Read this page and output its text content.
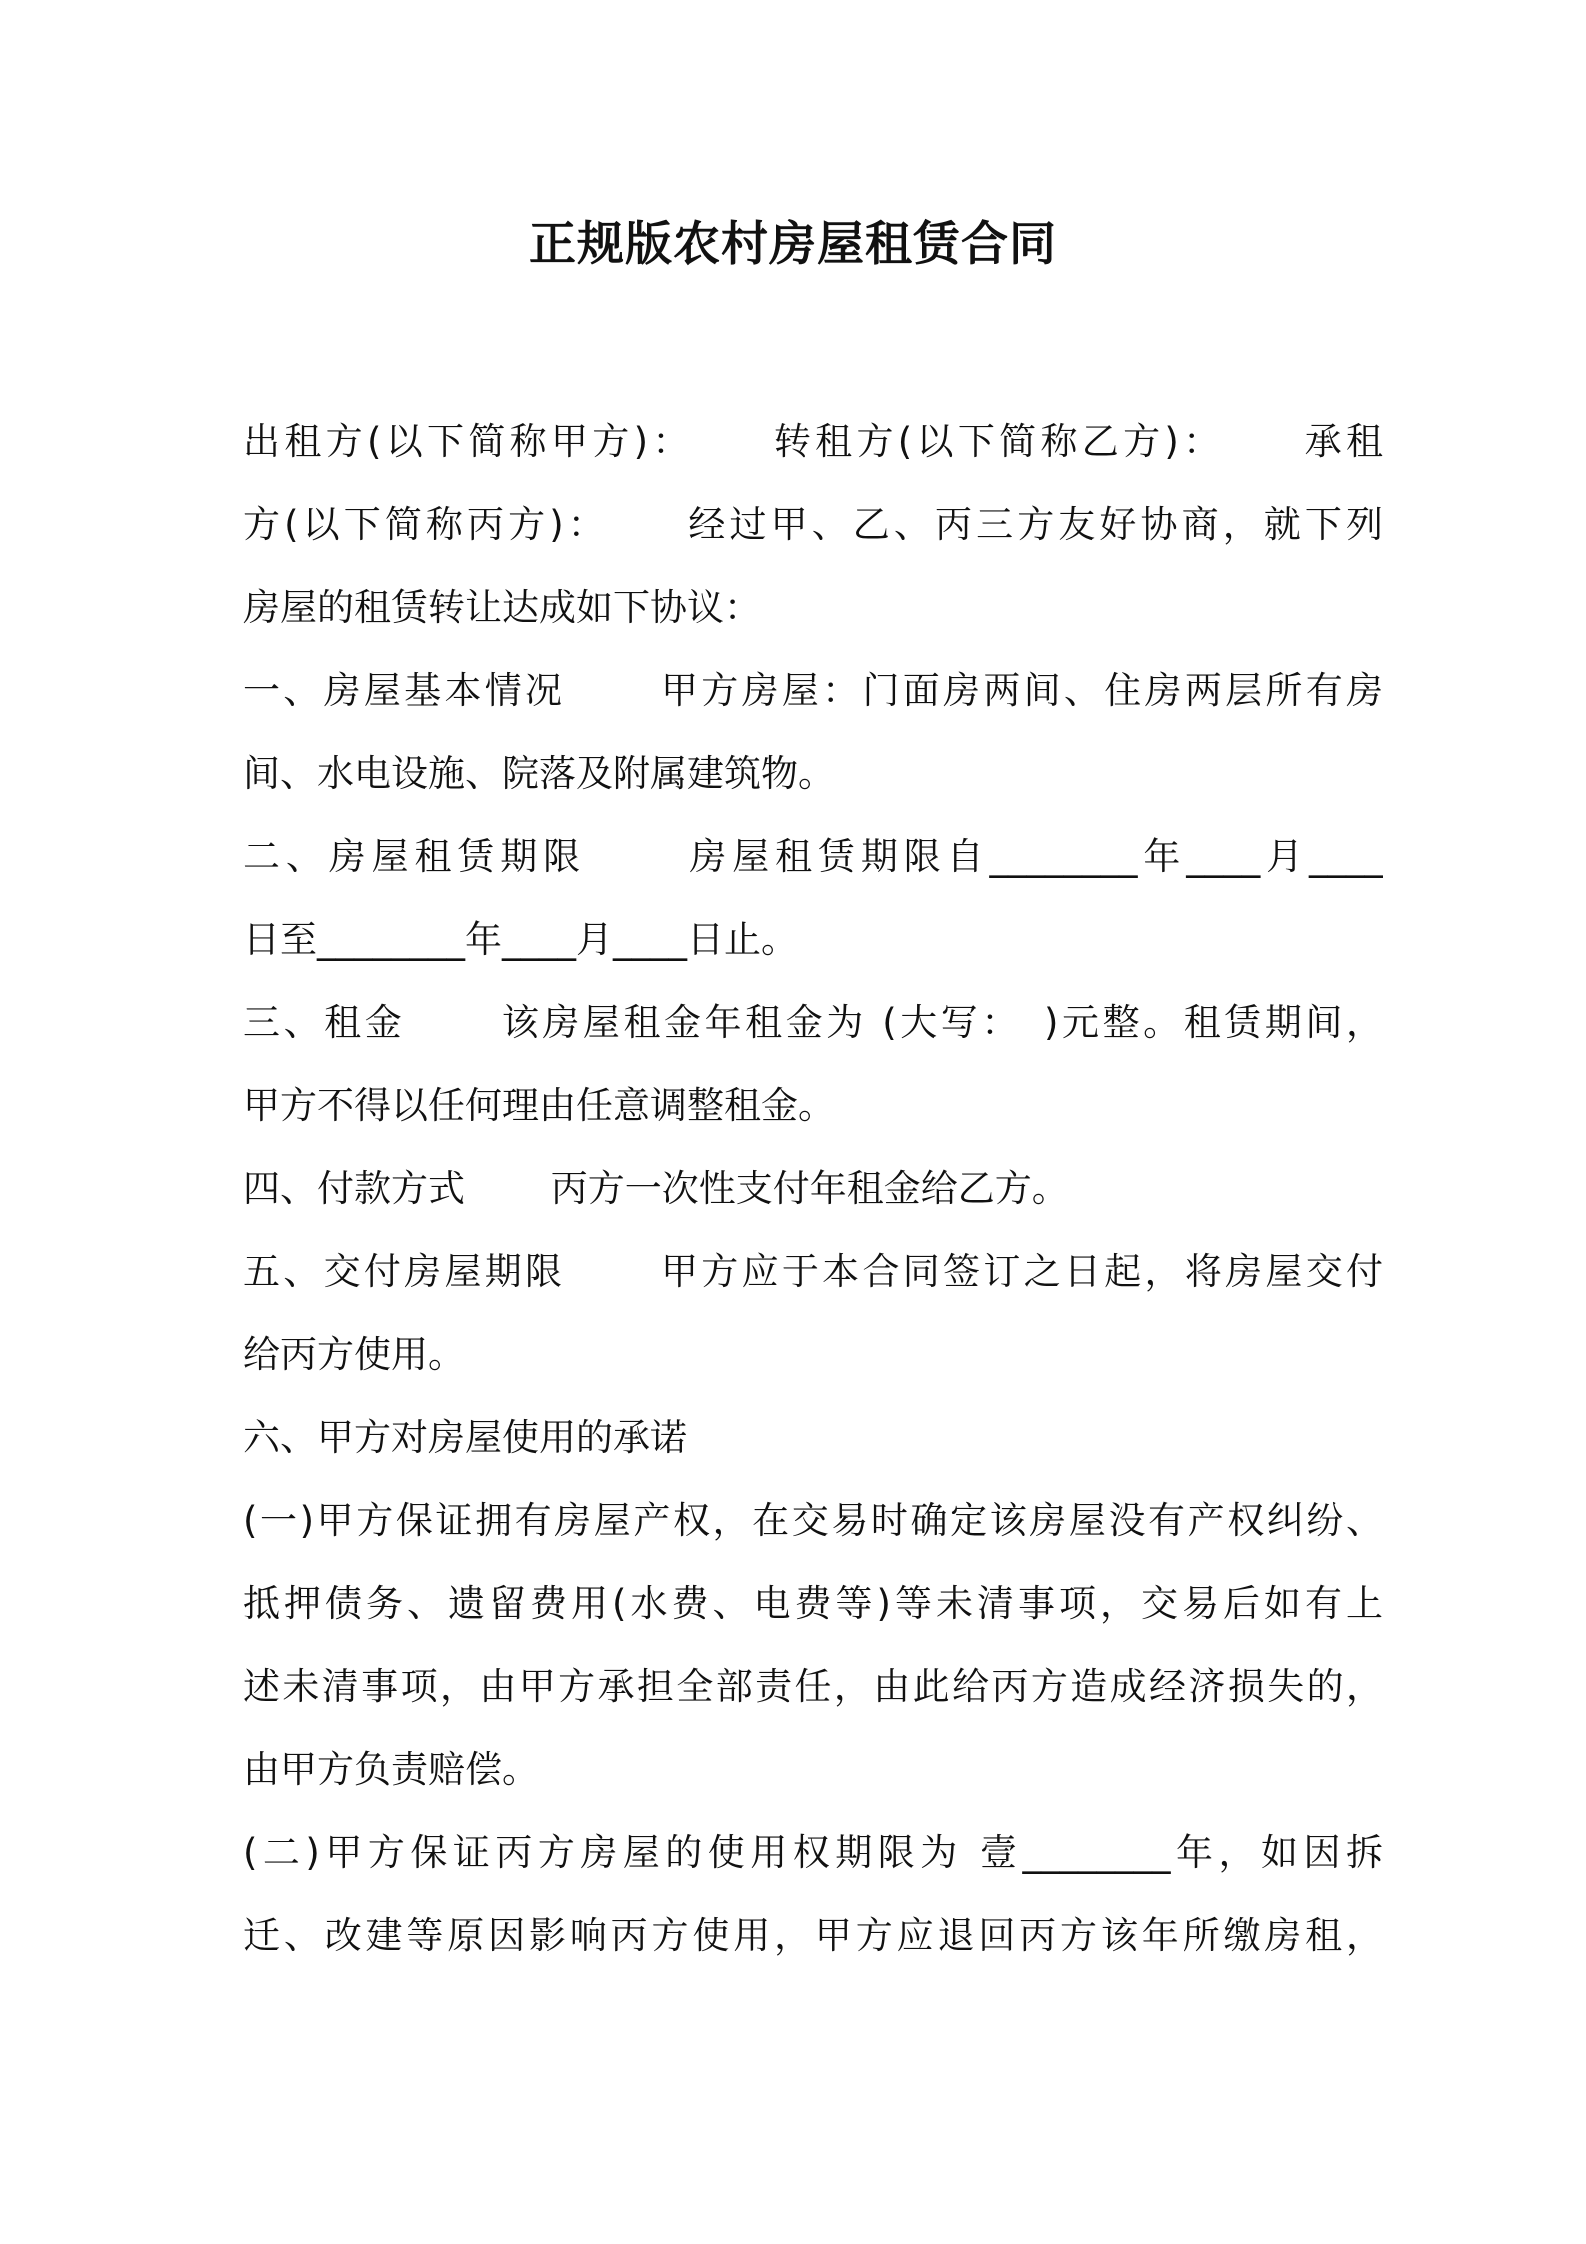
正规版农村房屋租赁合同
出租方(以下简称甲方)：　　 转租方(以下简称乙方)：　　 承租
方(以下简称丙方)：　　 经过甲、乙、丙三方友好协商，就下列
房屋的租赁转让达成如下协议：
一、房屋基本情况　　 甲方房屋：门面房两间、住房两层所有房
间、水电设施、院落及附属建筑物。
二、房屋租赁期限　　 房屋租赁期限自________年____月____
日至________年____月____日止。
三、租金　　 该房屋租金年租金为 (大写：　)元整。租赁期间，
甲方不得以任何理由任意调整租金。
四、付款方式　　 丙方一次性支付年租金给乙方。
五、交付房屋期限　　 甲方应于本合同签订之日起，将房屋交付
给丙方使用。
六、甲方对房屋使用的承诺
(一)甲方保证拥有房屋产权，在交易时确定该房屋没有产权纠纷、
抵押债务、遗留费用(水费、电费等)等未清事项，交易后如有上
述未清事项，由甲方承担全部责任，由此给丙方造成经济损失的，
由甲方负责赔偿。
(二)甲方保证丙方房屋的使用权期限为 壹________年，如因拆
迁、改建等原因影响丙方使用，甲方应退回丙方该年所缴房租，
